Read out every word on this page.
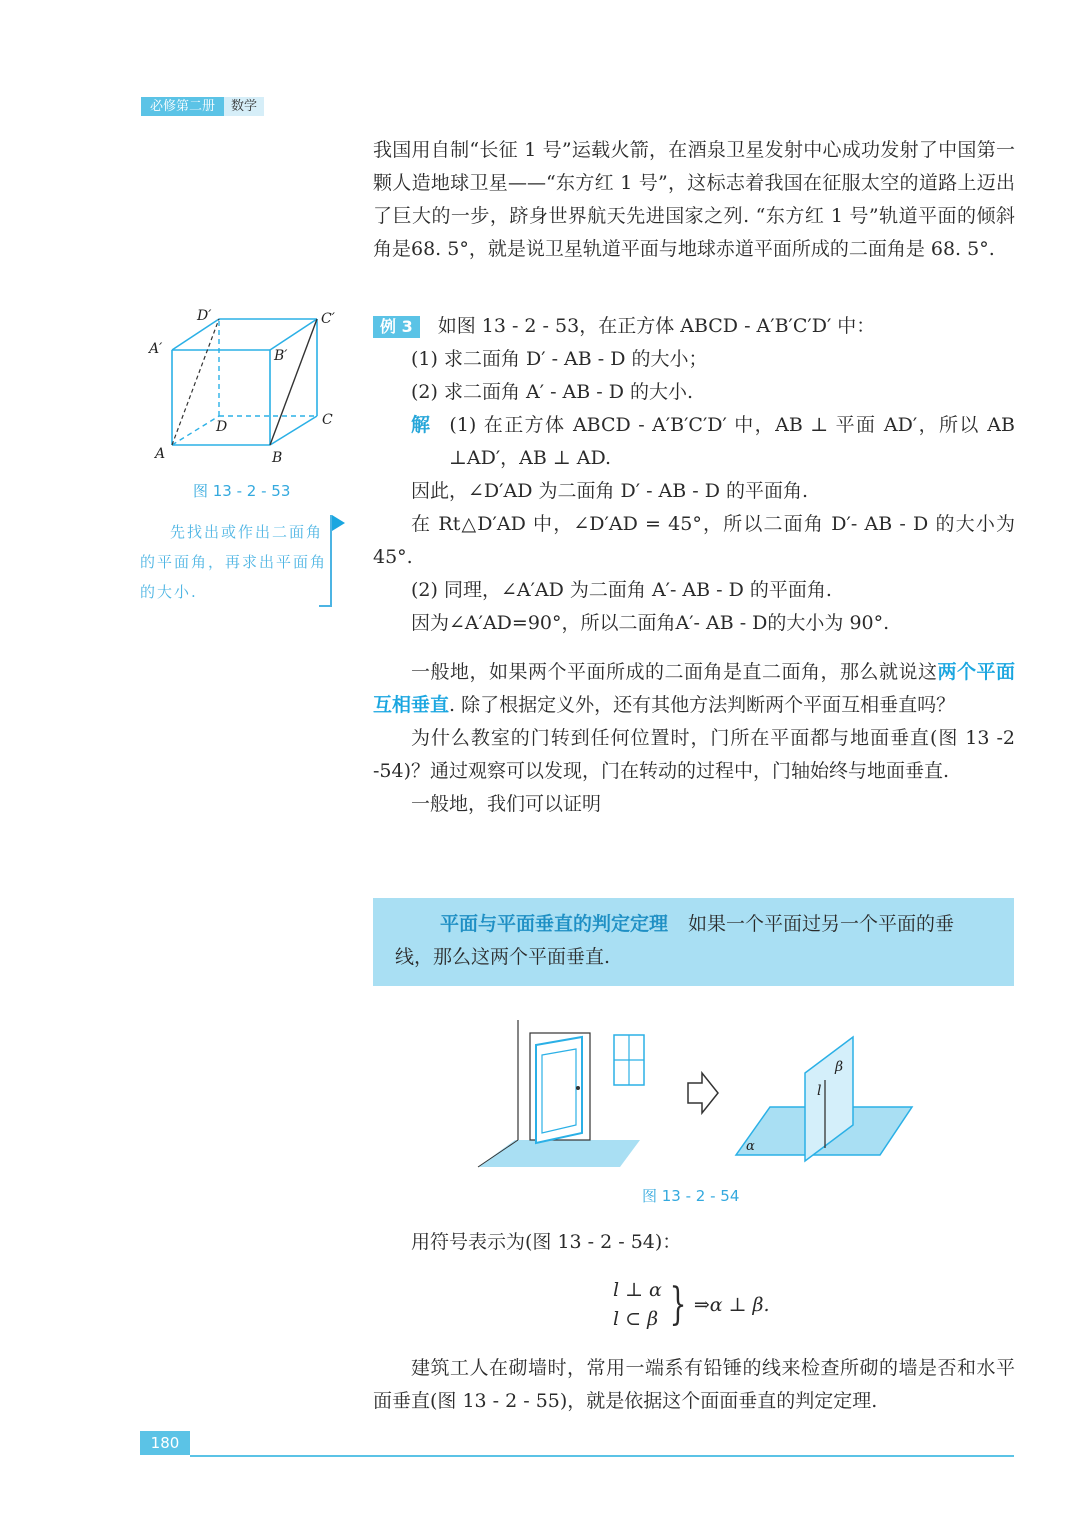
必修第二册	数学

我国用自制“长征 1 号”运载火箭，在酒泉卫星发射中心成功发射了中国第一颗人造地球卫星——“东方红 1 号”，这标志着我国在征服太空的道路上迈出了巨大的一步，跻身世界航天先进国家之列. “东方红 1 号”轨道平面的倾斜角是68. 5°，就是说卫星轨道平面与地球赤道平面所成的二面角是 68. 5°.

例 3 如图 13 - 2 - 53，在正方体 ABCD - A′B′C′D′ 中：

(1) 求二面角 D′ - AB - D 的大小；

(2) 求二面角 A′ - AB - D 的大小.

解 (1) 在正方体 ABCD - A′B′C′D′ 中，AB ⊥ 平面 AD′，所以 AB ⊥AD′，AB ⊥ AD.

因此，∠D′AD 为二面角 D′ - AB - D 的平面角.

在 Rt△D′AD 中，∠D′AD = 45°，所以二面角 D′- AB - D 的大小为 45°.

(2) 同理，∠A′AD 为二面角 A′- AB - D 的平面角.

因为∠A′AD=90°，所以二面角A′- AB - D的大小为 90°.

一般地，如果两个平面所成的二面角是直二面角，那么就说这两个平面互相垂直. 除了根据定义外，还有其他方法判断两个平面互相垂直吗？

为什么教室的门转到任何位置时，门所在平面都与地面垂直(图 13 -2 -54)？通过观察可以发现，门在转动的过程中，门轴始终与地面垂直.

一般地，我们可以证明

平面与平面垂直的判定定理 如果一个平面过另一个平面的垂线，那么这两个平面垂直.
A	B
C
D
A′	B′
C′
D′
图 13 - 2 - 53
先找出或作出二面角的平面角，再求出平面角的大小.
α
β
l
图 13 - 2 - 54

用符号表示为(图 13 - 2 - 54)：

l ⊥ α
l ⊂ β } ⇒α ⊥ β.

建筑工人在砌墙时，常用一端系有铅锤的线来检查所砌的墙是否和水平面垂直(图 13 - 2 - 55)，就是依据这个面面垂直的判定定理.

180
